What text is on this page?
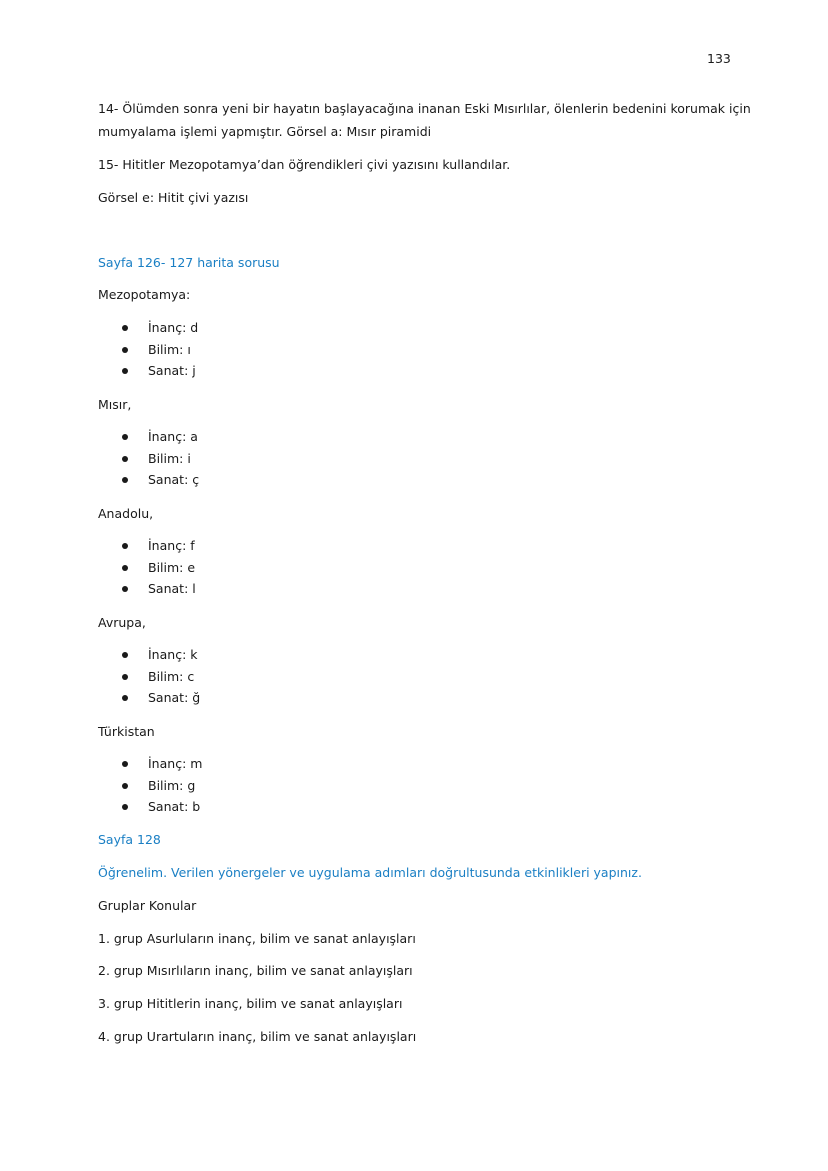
133
14- Ölümden sonra yeni bir hayatın başlayacağına inanan Eski Mısırlılar, ölenlerin bedenini korumak için
mumyalama işlemi yapmıştır. Görsel a: Mısır piramidi
15- Hititler Mezopotamya’dan öğrendikleri çivi yazısını kullandılar.
Görsel e: Hitit çivi yazısı
Sayfa 126- 127 harita sorusu
Mezopotamya:
İnanç: d
Bilim: ı
Sanat: j
Mısır,
İnanç: a
Bilim: i
Sanat: ç
Anadolu,
İnanç: f
Bilim: e
Sanat: l
Avrupa,
İnanç: k
Bilim: c
Sanat: ğ
Türkistan
İnanç: m
Bilim: g
Sanat: b
Sayfa 128
Öğrenelim. Verilen yönergeler ve uygulama adımları doğrultusunda etkinlikleri yapınız.
Gruplar Konular
1. grup Asurluların inanç, bilim ve sanat anlayışları
2. grup Mısırlıların inanç, bilim ve sanat anlayışları
3. grup Hititlerin inanç, bilim ve sanat anlayışları
4. grup Urartuların inanç, bilim ve sanat anlayışları
